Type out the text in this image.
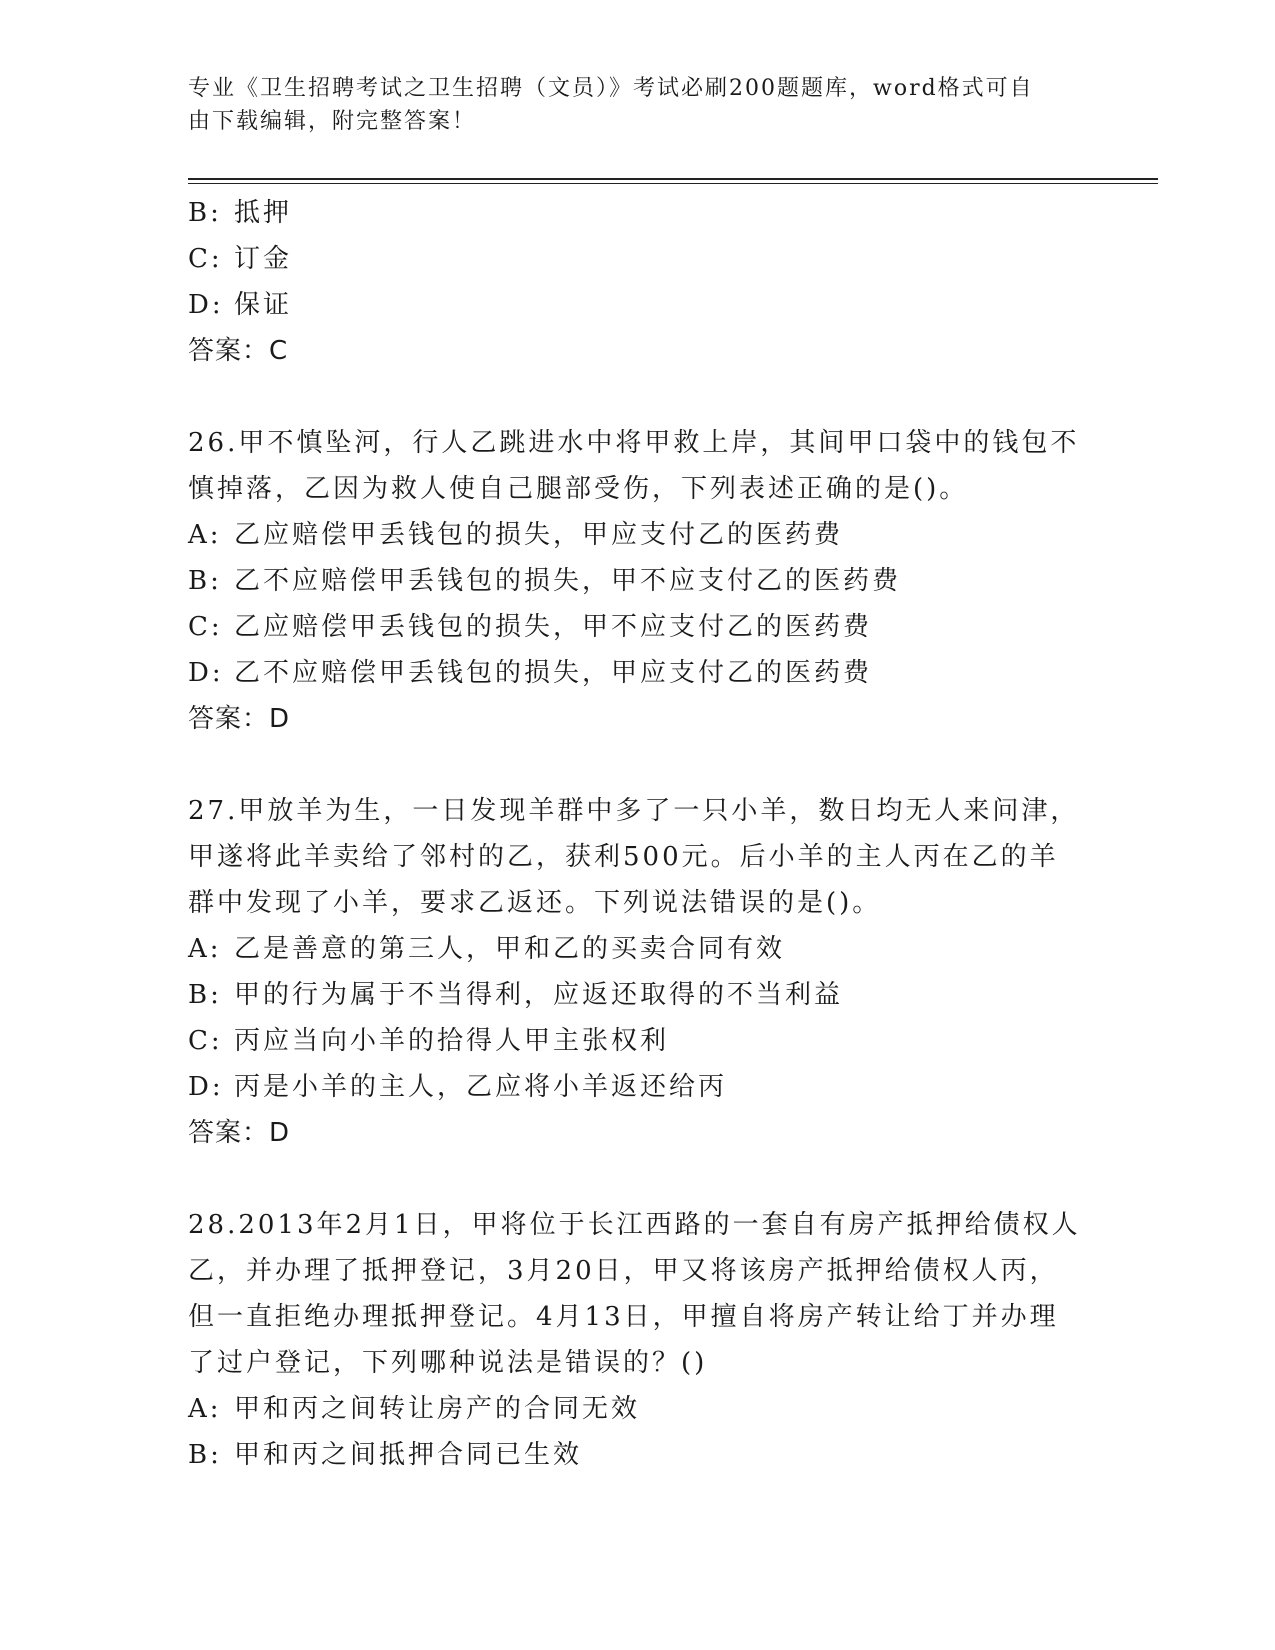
专业《卫生招聘考试之卫生招聘（文员）》考试必刷200题题库，word格式可自
由下载编辑，附完整答案！
B: 抵押
C: 订金
D: 保证
答案：C
26.甲不慎坠河，行人乙跳进水中将甲救上岸，其间甲口袋中的钱包不
慎掉落，乙因为救人使自己腿部受伤，下列表述正确的是()。
A: 乙应赔偿甲丢钱包的损失，甲应支付乙的医药费
B: 乙不应赔偿甲丢钱包的损失，甲不应支付乙的医药费
C: 乙应赔偿甲丢钱包的损失，甲不应支付乙的医药费
D: 乙不应赔偿甲丢钱包的损失，甲应支付乙的医药费
答案：D
27.甲放羊为生，一日发现羊群中多了一只小羊，数日均无人来问津，
甲遂将此羊卖给了邻村的乙，获利500元。后小羊的主人丙在乙的羊
群中发现了小羊，要求乙返还。下列说法错误的是()。
A: 乙是善意的第三人，甲和乙的买卖合同有效
B: 甲的行为属于不当得利，应返还取得的不当利益
C: 丙应当向小羊的拾得人甲主张权利
D: 丙是小羊的主人，乙应将小羊返还给丙
答案：D
28.2013年2月1日，甲将位于长江西路的一套自有房产抵押给债权人
乙，并办理了抵押登记，3月20日，甲又将该房产抵押给债权人丙，
但一直拒绝办理抵押登记。4月13日，甲擅自将房产转让给丁并办理
了过户登记，下列哪种说法是错误的？()
A: 甲和丙之间转让房产的合同无效
B: 甲和丙之间抵押合同已生效
